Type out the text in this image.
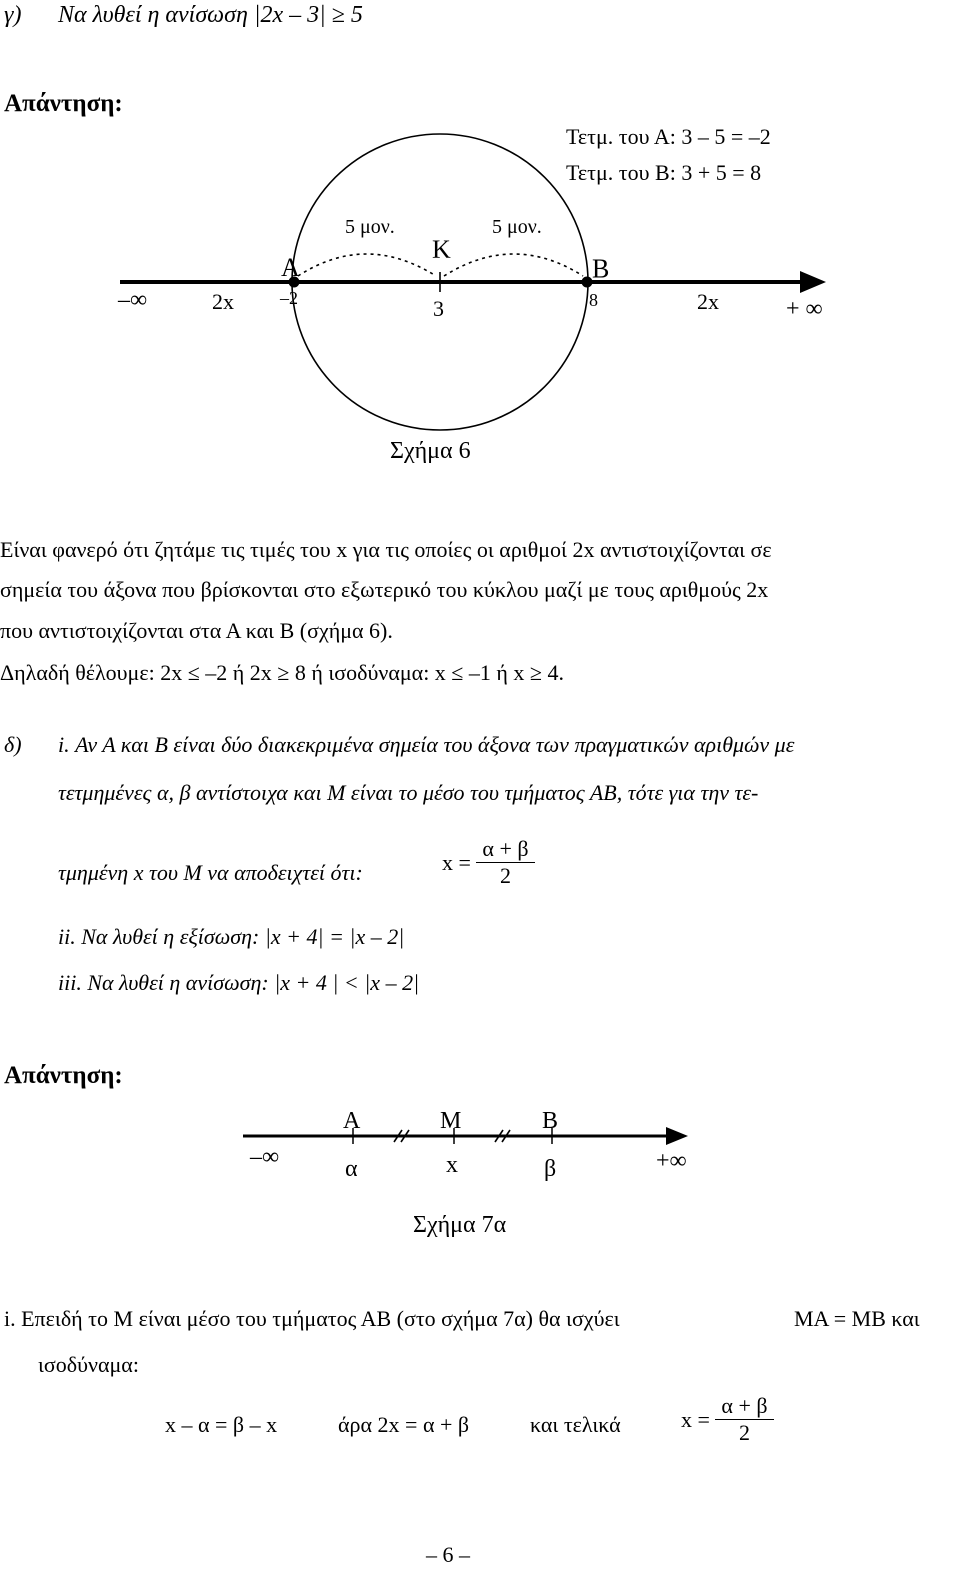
γ) Να λυθεί η ανίσωση |2x – 3| ≥ 5
Απάντηση:
Τετμ. του Α: 3 – 5 = –2
Τετμ. του Β: 3 + 5 = 8
5 μον.	5 μον.
Κ
Α	Β
–∞	2x	–2	3	8	2x	+ ∞
Σχήμα 6
Είναι φανερό ότι ζητάμε τις τιμές του x για τις οποίες οι αριθμοί 2x αντιστοιχίζονται σε
σημεία του άξονα που βρίσκονται στο εξωτερικό του κύκλου μαζί με τους αριθμούς 2x
που αντιστοιχίζονται στα Α και Β (σχήμα 6).
Δηλαδή θέλουμε: 2x ≤ –2 ή 2x ≥ 8 ή ισοδύναμα: x ≤ –1 ή x ≥ 4.
δ) i. Αν Α και Β είναι δύο διακεκριμένα σημεία του άξονα των πραγματικών αριθμών με
τετμημένες α, β αντίστοιχα και Μ είναι το μέσο του τμήματος ΑΒ, τότε για την τε-
τμημένη x του Μ να αποδειχτεί ότι:	$x = \frac{\alpha + \beta}{2}$
ii. Να λυθεί η εξίσωση: |x + 4| = |x – 2|
iii. Να λυθεί η ανίσωση: |x + 4 | < |x – 2|
Απάντηση:
Α	Μ	Β
–∞	+∞
α	x	β
Σχήμα 7α
i. Επειδή το Μ είναι μέσο του τμήματος ΑΒ (στο σχήμα 7α) θα ισχύει	ΜΑ = ΜΒ και
ισοδύναμα:
x – α = β – x	άρα 2x = α + β	και τελικά	$x = \frac{\alpha + \beta}{2}$
– 6 –
